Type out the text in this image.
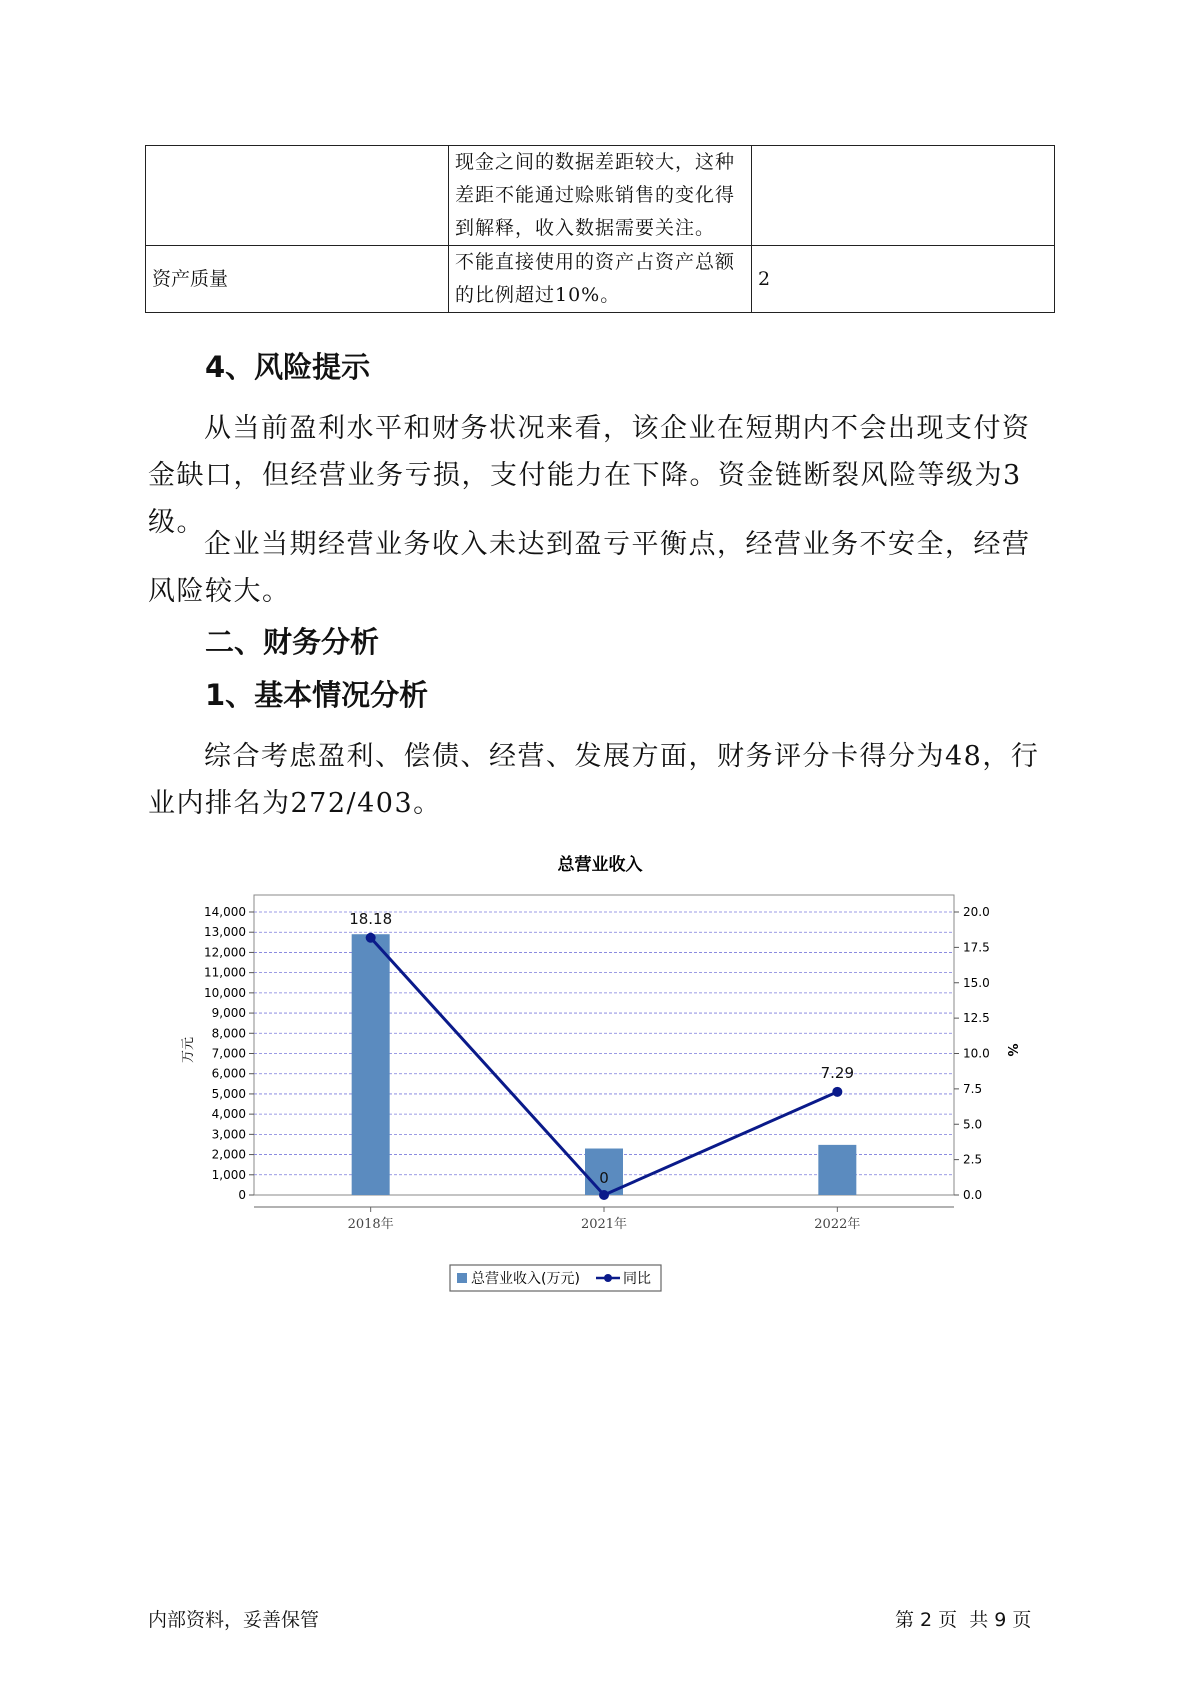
	现金之间的数据差距较大，这种差距不能通过赊账销售的变化得到解释，收入数据需要关注。	
资产质量	不能直接使用的资产占资产总额的比例超过10%。	2
4、风险提示

从当前盈利水平和财务状况来看，该企业在短期内不会出现支付资金缺口，但经营业务亏损，支付能力在下降。资金链断裂风险等级为3级。

企业当期经营业务收入未达到盈亏平衡点，经营业务不安全，经营风险较大。

二、财务分析
1、基本情况分析

综合考虑盈利、偿债、经营、发展方面，财务评分卡得分为48，行业内排名为272/403。

总营业收入
18.18
0
7.29
0
1,000
2,000
3,000
4,000
5,000
6,000
7,000
8,000
9,000
10,000
11,000
12,000
13,000
14,000
0.0
2.5
5.0
7.5
10.0
12.5
15.0
17.5
20.0
2018年	2021年	2022年
万元	%
总营业收入(万元)	同比
内部资料，妥善保管	第 2 页  共 9 页
